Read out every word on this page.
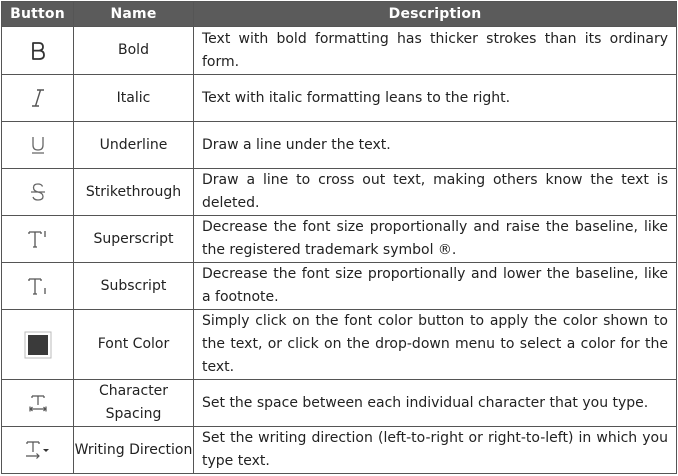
Button	Name	Description

	Bold	Text with bold formatting has thicker strokes than its ordinary form.

	Italic	Text with italic formatting leans to the right.

	Underline	Draw a line under the text.

	Strikethrough	Draw a line to cross out text, making others know the text is deleted.

	Superscript	Decrease the font size proportionally and raise the baseline, like the registered trademark symbol ®.

	Subscript	Decrease the font size proportionally and lower the baseline, like a footnote.

	Font Color	Simply click on the font color button to apply the color shown to the text, or click on the drop-down menu to select a color for the text.

	Character Spacing	Set the space between each individual character that you type.

	Writing Direction	Set the writing direction (left-to-right or right-to-left) in which you type text.
